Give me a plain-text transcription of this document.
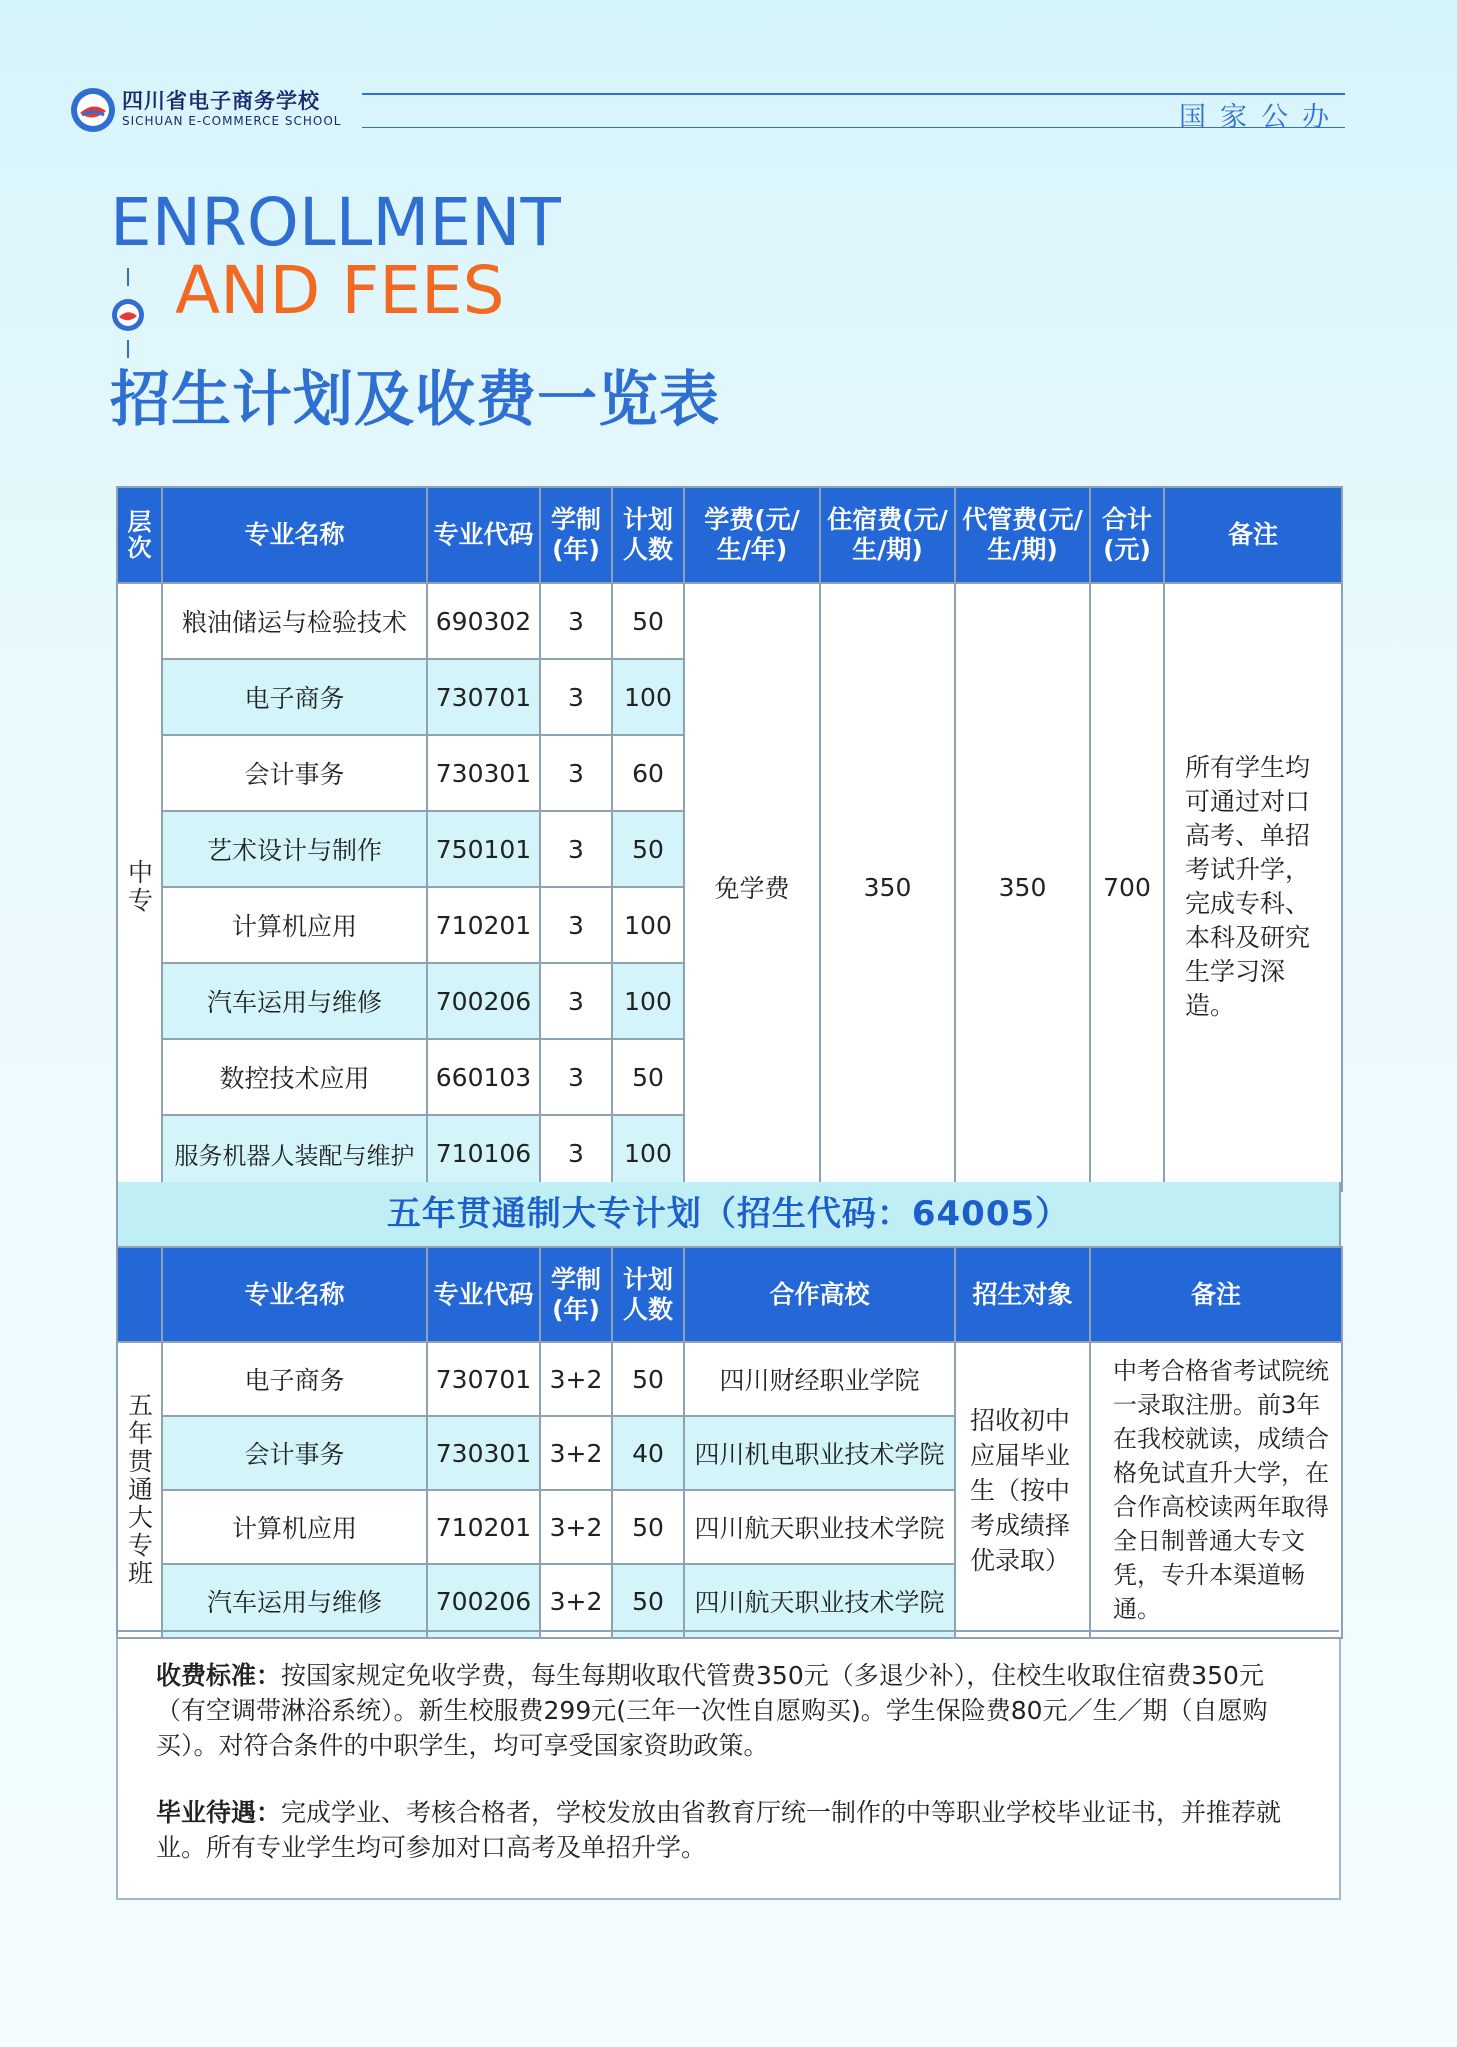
四川省电子商务学校
SICHUAN E-COMMERCE SCHOOL	国家公办
ENROLLMENT
AND FEES
招生计划及收费一览表
层次	专业名称	专业代码	学制(年)	计划人数	学费(元/生/年)	住宿费(元/生/期)	代管费(元/生/期)	合计(元)	备注
中专	粮油储运与检验技术	690302	3	50	免学费	350	350	700	所有学生均可通过对口高考、单招考试升学，完成专科、本科及研究生学习深造。
	电子商务	730701	3	100					
	会计事务	730301	3	60					
	艺术设计与制作	750101	3	50					
	计算机应用	710201	3	100					
	汽车运用与维修	700206	3	100					
	数控技术应用	660103	3	50					
	服务机器人装配与维护	710106	3	100					
五年贯通制大专计划（招生代码：64005）
	专业名称	专业代码	学制(年)	计划人数	合作高校	招生对象	备注
五年贯通大专班	电子商务	730701	3+2	50	四川财经职业学院	招收初中应届毕业生（按中考成绩择优录取）	中考合格省考试院统一录取注册。前3年在我校就读，成绩合格免试直升大学，在合作高校读两年取得全日制普通大专文凭，专升本渠道畅通。
	会计事务	730301	3+2	40	四川机电职业技术学院		
	计算机应用	710201	3+2	50	四川航天职业技术学院		
	汽车运用与维修	700206	3+2	50	四川航天职业技术学院		

收费标准：按国家规定免收学费，每生每期收取代管费350元（多退少补），住校生收取住宿费350元（有空调带淋浴系统）。新生校服费299元(三年一次性自愿购买)。学生保险费80元／生／期（自愿购买）。对符合条件的中职学生，均可享受国家资助政策。

毕业待遇：完成学业、考核合格者，学校发放由省教育厅统一制作的中等职业学校毕业证书，并推荐就业。所有专业学生均可参加对口高考及单招升学。
